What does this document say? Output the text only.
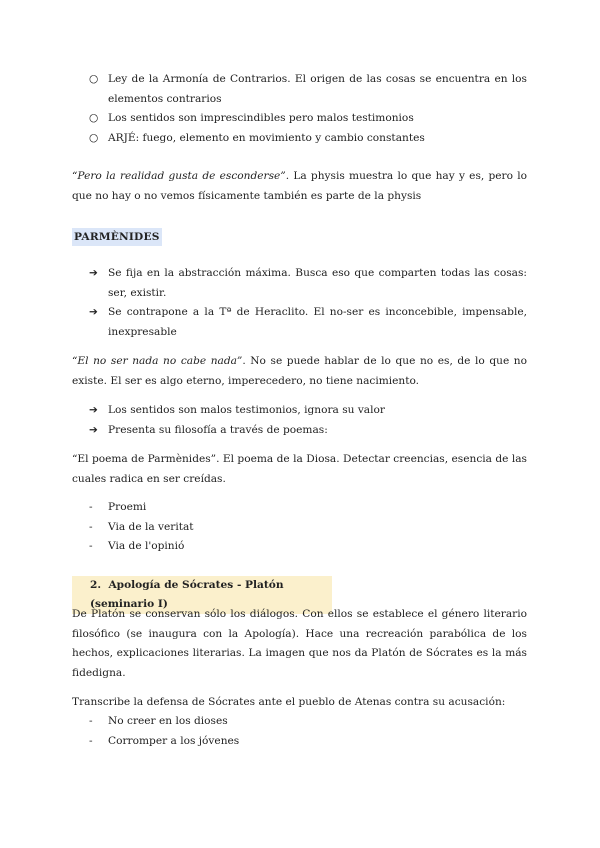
○ Ley de la Armonía de Contrarios. El origen de las cosas se encuentra en los elementos contrarios
○ Los sentidos son imprescindibles pero malos testimonios
○ ARJÉ: fuego, elemento en movimiento y cambio constantes

“Pero la realidad gusta de esconderse”. La physis muestra lo que hay y es, pero lo que no hay o no vemos físicamente también es parte de la physis

PARMÈNIDES
➔ Se fija en la abstracción máxima. Busca eso que comparten todas las cosas: ser, existir.
➔ Se contrapone a la Tª de Heraclito. El no-ser es inconcebible, impensable, inexpresable

“El no ser nada no cabe nada”. No se puede hablar de lo que no es, de lo que no existe. El ser es algo eterno, imperecedero, no tiene nacimiento.

➔ Los sentidos son malos testimonios, ignora su valor
➔ Presenta su filosofía a través de poemas:

“El poema de Parmènides”. El poema de la Diosa. Detectar creencias, esencia de las cuales radica en ser creídas.

- Proemi
- Via de la veritat
- Via de l'opinió
2. Apología de Sócrates - Platón (seminario I)

De Platón se conservan sólo los diálogos. Con ellos se establece el género literario filosófico (se inaugura con la Apología). Hace una recreación parabólica de los hechos, explicaciones literarias. La imagen que nos da Platón de Sócrates es la más fidedigna.

Transcribe la defensa de Sócrates ante el pueblo de Atenas contra su acusación:

- No creer en los dioses
- Corromper a los jóvenes
